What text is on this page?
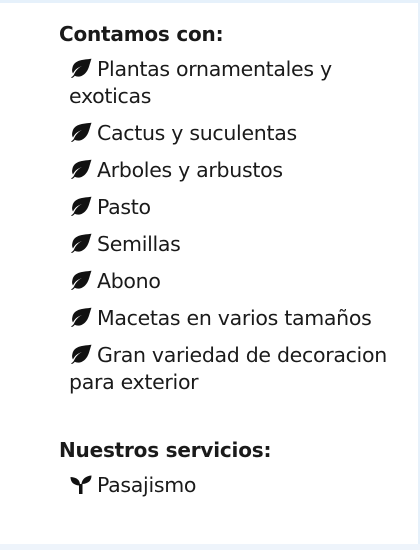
Contamos con:
Plantas ornamentales y exoticas
Cactus y suculentas
Arboles y arbustos
Pasto
Semillas
Abono
Macetas en varios tamaños
Gran variedad de decoracion para exterior
Nuestros servicios:
Pasajismo
